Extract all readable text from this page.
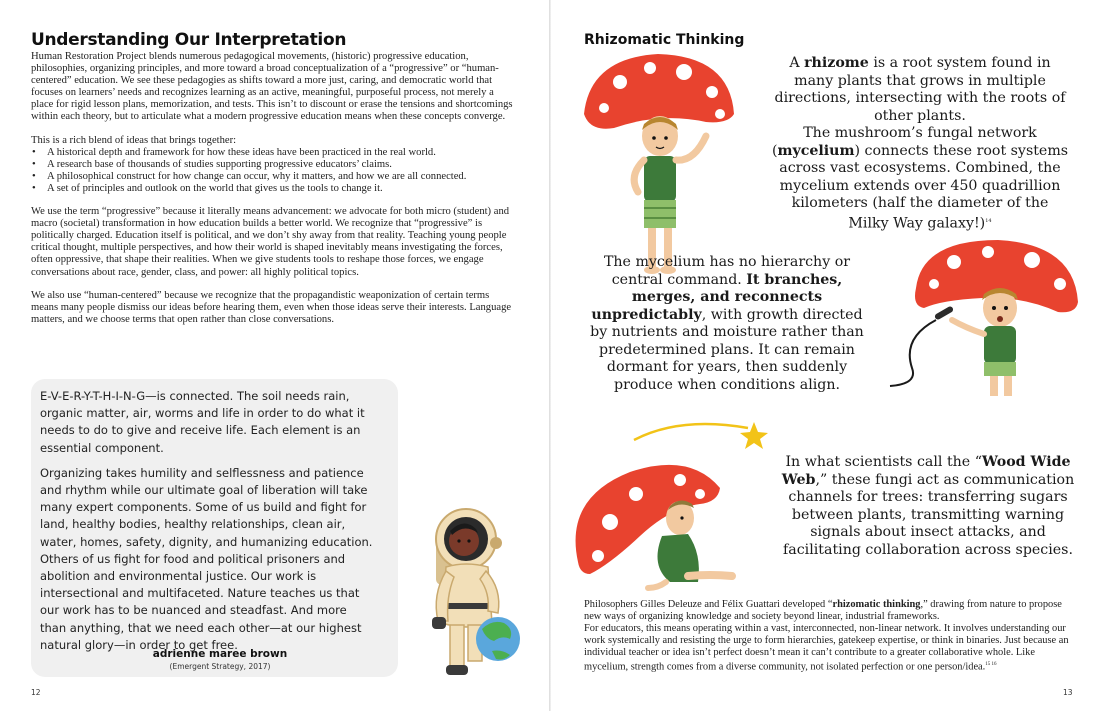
Understanding Our Interpretation

Human Restoration Project blends numerous pedagogical movements, (historic) progressive education, philosophies, organizing principles, and more toward a broad conceptualization of a “progressive” or “human-centered” education. We see these pedagogies as shifts toward a more just, caring, and democratic world that focuses on learners’ needs and recognizes learning as an active, meaningful, purposeful process, not merely a place for rigid lesson plans, memorization, and tests. This isn’t to discount or erase the tensions and shortcomings within each theory, but to articulate what a modern progressive education means when these concepts converge.

This is a rich blend of ideas that brings together:
• A historical depth and framework for how these ideas have been practiced in the real world.
• A research base of thousands of studies supporting progressive educators’ claims.
• A philosophical construct for how change can occur, why it matters, and how we are all connected.
• A set of principles and outlook on the world that gives us the tools to change it.

We use the term “progressive” because it literally means advancement: we advocate for both micro (student) and macro (societal) transformation in how education builds a better world. We recognize that “progressive” is politically charged. Education itself is political, and we don’t shy away from that reality. Teaching young people critical thought, multiple perspectives, and how their world is shaped inevitably means investigating the forces, often oppressive, that shape their realities. When we give students tools to reshape those forces, we engage conversations about race, gender, class, and power: all highly political topics.

We also use “human-centered” because we recognize that the propagandistic weaponization of certain terms means many people dismiss our ideas before hearing them, even when those ideas serve their interests. Language matters, and we choose terms that open rather than close conversations.

E-V-E-R-Y-T-H-I-N-G—is connected. The soil needs rain, organic matter, air, worms and life in order to do what it needs to do to give and receive life. Each element is an essential component.

Organizing takes humility and selflessness and patience and rhythm while our ultimate goal of liberation will take many expert components. Some of us build and fight for land, healthy bodies, healthy relationships, clean air, water, homes, safety, dignity, and humanizing education. Others of us fight for food and political prisoners and abolition and environmental justice. Our work is intersectional and multifaceted. Nature teaches us that our work has to be nuanced and steadfast. And more than anything, that we need each other—at our highest natural glory—in order to get free.

adrienne maree brown
(Emergent Strategy, 2017)
12
Rhizomatic Thinking
A rhizome is a root system found in many plants that grows in multiple directions, intersecting with the roots of other plants.
The mushroom’s fungal network (mycelium) connects these root systems across vast ecosystems. Combined, the mycelium extends over 450 quadrillion kilometers (half the diameter of the Milky Way galaxy!)$^{14}$
The mycelium has no hierarchy or central command. It branches, merges, and reconnects unpredictably, with growth directed by nutrients and moisture rather than predetermined plans. It can remain dormant for years, then suddenly produce when conditions align.
In what scientists call the “Wood Wide Web,” these fungi act as communication channels for trees: transferring sugars between plants, transmitting warning signals about insect attacks, and facilitating collaboration across species.

Philosophers Gilles Deleuze and Félix Guattari developed “rhizomatic thinking,” drawing from nature to propose new ways of organizing knowledge and society beyond linear, industrial frameworks.

For educators, this means operating within a vast, interconnected, non-linear network. It involves understanding our work systemically and resisting the urge to form hierarchies, gatekeep expertise, or think in binaries. Just because an individual teacher or idea isn’t perfect doesn’t mean it can’t contribute to a greater collaborative whole. Like mycelium, strength comes from a diverse community, not isolated perfection or one person/idea.$^{15 16}$

13
